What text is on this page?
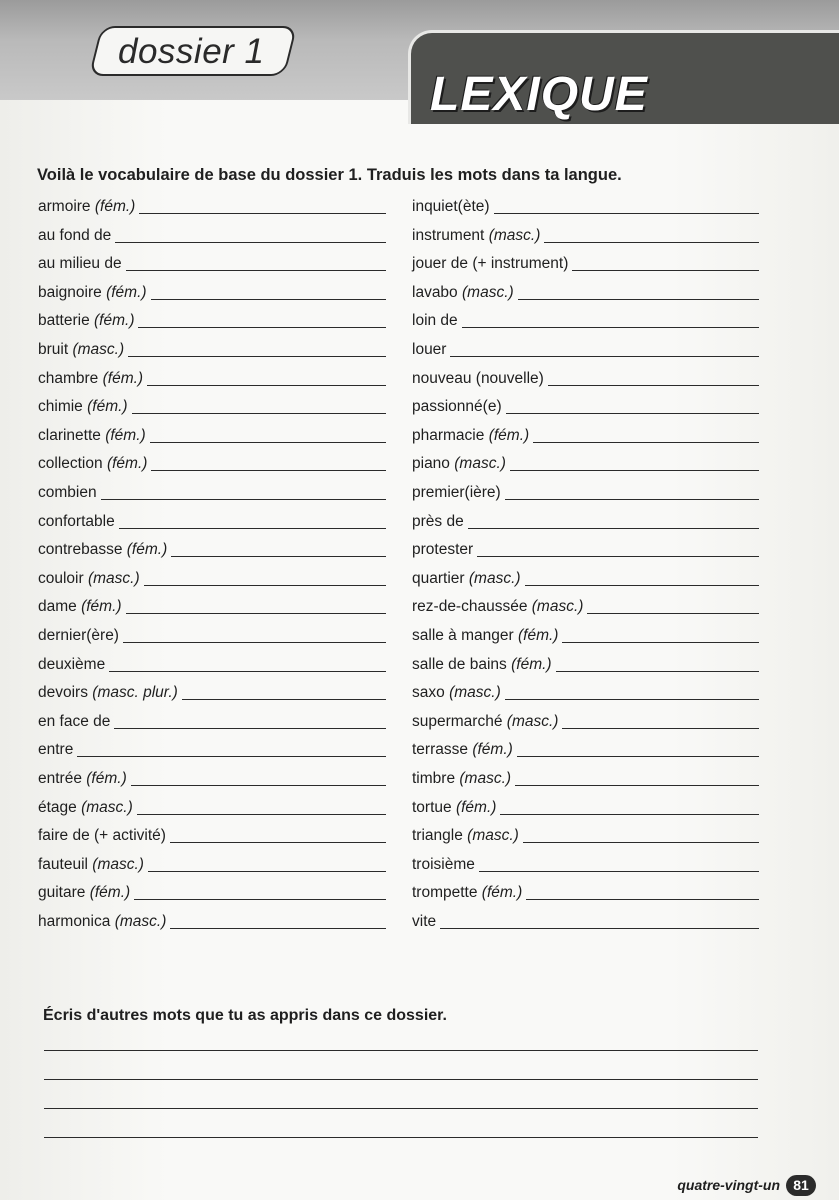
dossier 1
LEXIQUE
Voilà le vocabulaire de base du dossier 1. Traduis les mots dans ta langue.
armoire (fém.)
au fond de
au milieu de
baignoire (fém.)
batterie (fém.)
bruit (masc.)
chambre (fém.)
chimie (fém.)
clarinette (fém.)
collection (fém.)
combien
confortable
contrebasse (fém.)
couloir (masc.)
dame (fém.)
dernier(ère)
deuxième
devoirs (masc. plur.)
en face de
entre
entrée (fém.)
étage (masc.)
faire de (+ activité)
fauteuil (masc.)
guitare (fém.)
harmonica (masc.)
inquiet(ète)
instrument (masc.)
jouer de (+ instrument)
lavabo (masc.)
loin de
louer
nouveau (nouvelle)
passionné(e)
pharmacie (fém.)
piano (masc.)
premier(ière)
près de
protester
quartier (masc.)
rez-de-chaussée (masc.)
salle à manger (fém.)
salle de bains (fém.)
saxo (masc.)
supermarché (masc.)
terrasse (fém.)
timbre (masc.)
tortue (fém.)
triangle (masc.)
troisième
trompette (fém.)
vite
Écris d'autres mots que tu as appris dans ce dossier.
quatre-vingt-un 81
